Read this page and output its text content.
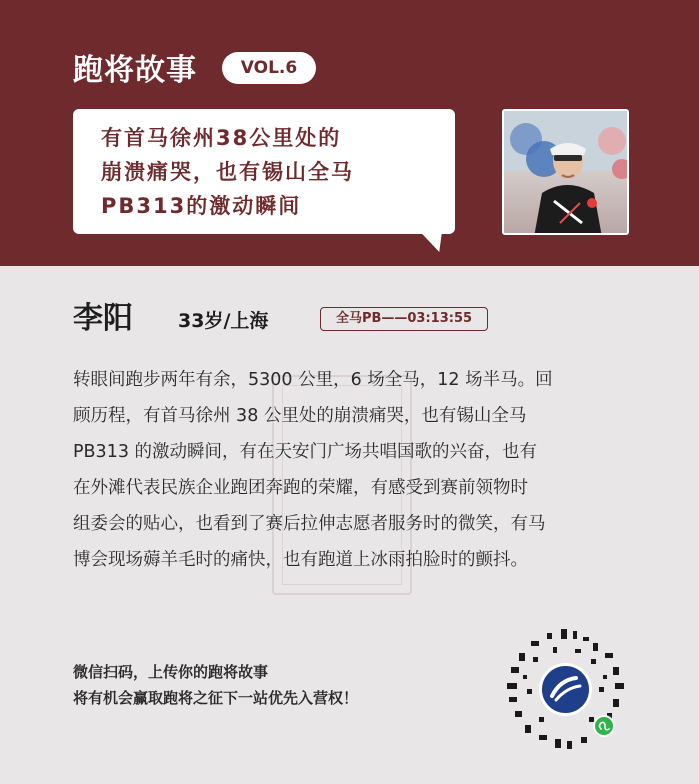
跑将故事	VOL.6
有首马徐州38公里处的
崩溃痛哭，也有锡山全马
PB313的激动瞬间
李阳 33岁/上海	全马PB——03:13:55
转眼间跑步两年有余，5300 公里，6 场全马，12 场半马。回
顾历程，有首马徐州 38 公里处的崩溃痛哭，也有锡山全马
PB313 的激动瞬间，有在天安门广场共唱国歌的兴奋，也有
在外滩代表民族企业跑团奔跑的荣耀，有感受到赛前领物时
组委会的贴心，也看到了赛后拉伸志愿者服务时的微笑，有马
博会现场薅羊毛时的痛快，也有跑道上冰雨拍脸时的颤抖。
微信扫码，上传你的跑将故事
将有机会赢取跑将之征下一站优先入营权！
